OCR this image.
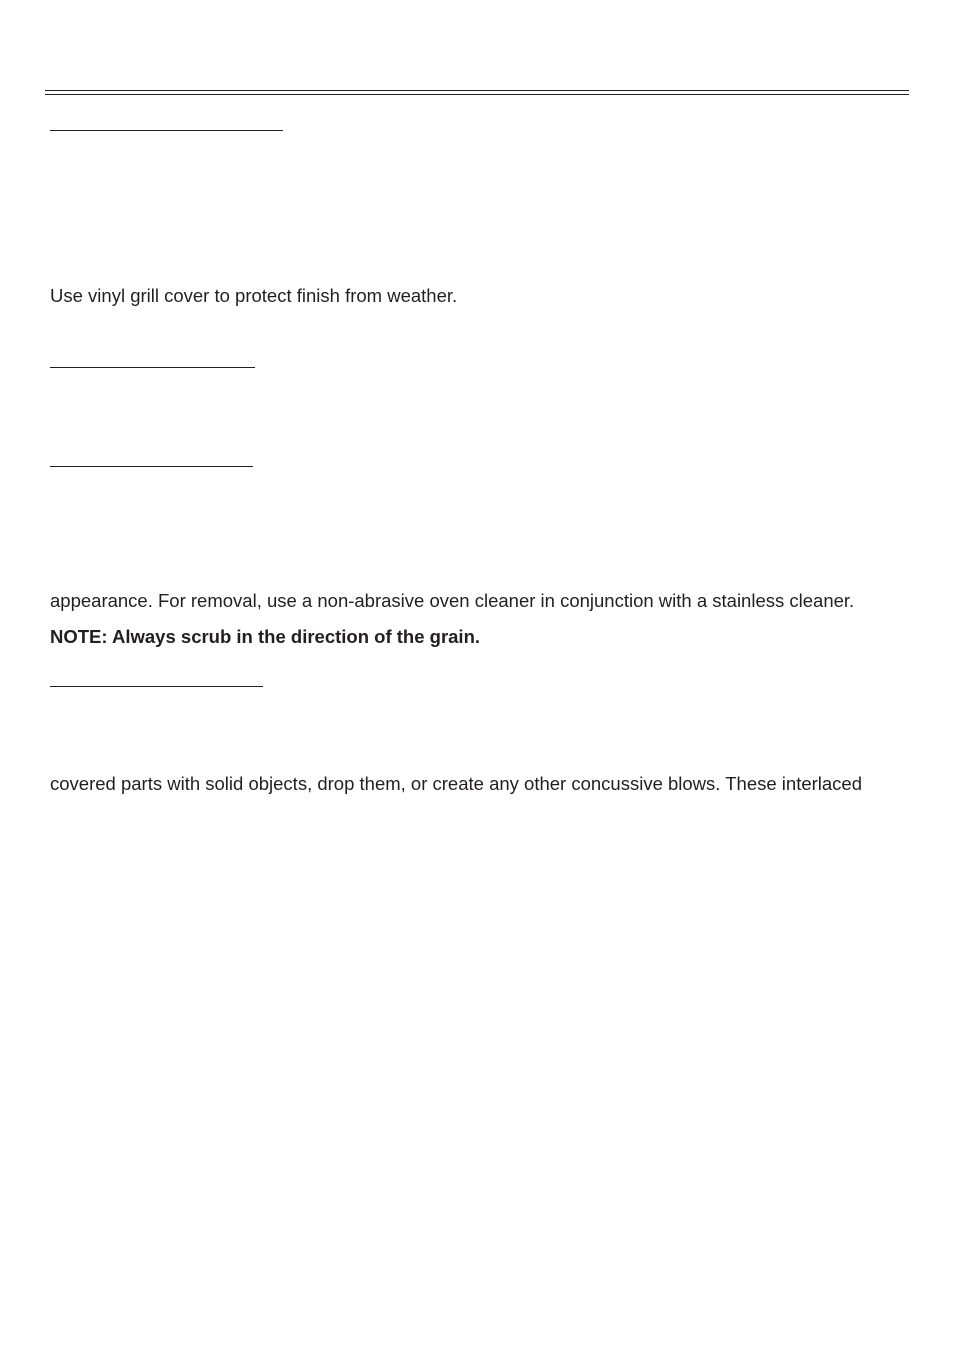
Use vinyl grill cover to protect finish from weather.
appearance. For removal, use a non-abrasive oven cleaner in conjunction with a stainless cleaner.
NOTE: Always scrub in the direction of the grain.
covered parts with solid objects, drop them, or create any other concussive blows. These interlaced
